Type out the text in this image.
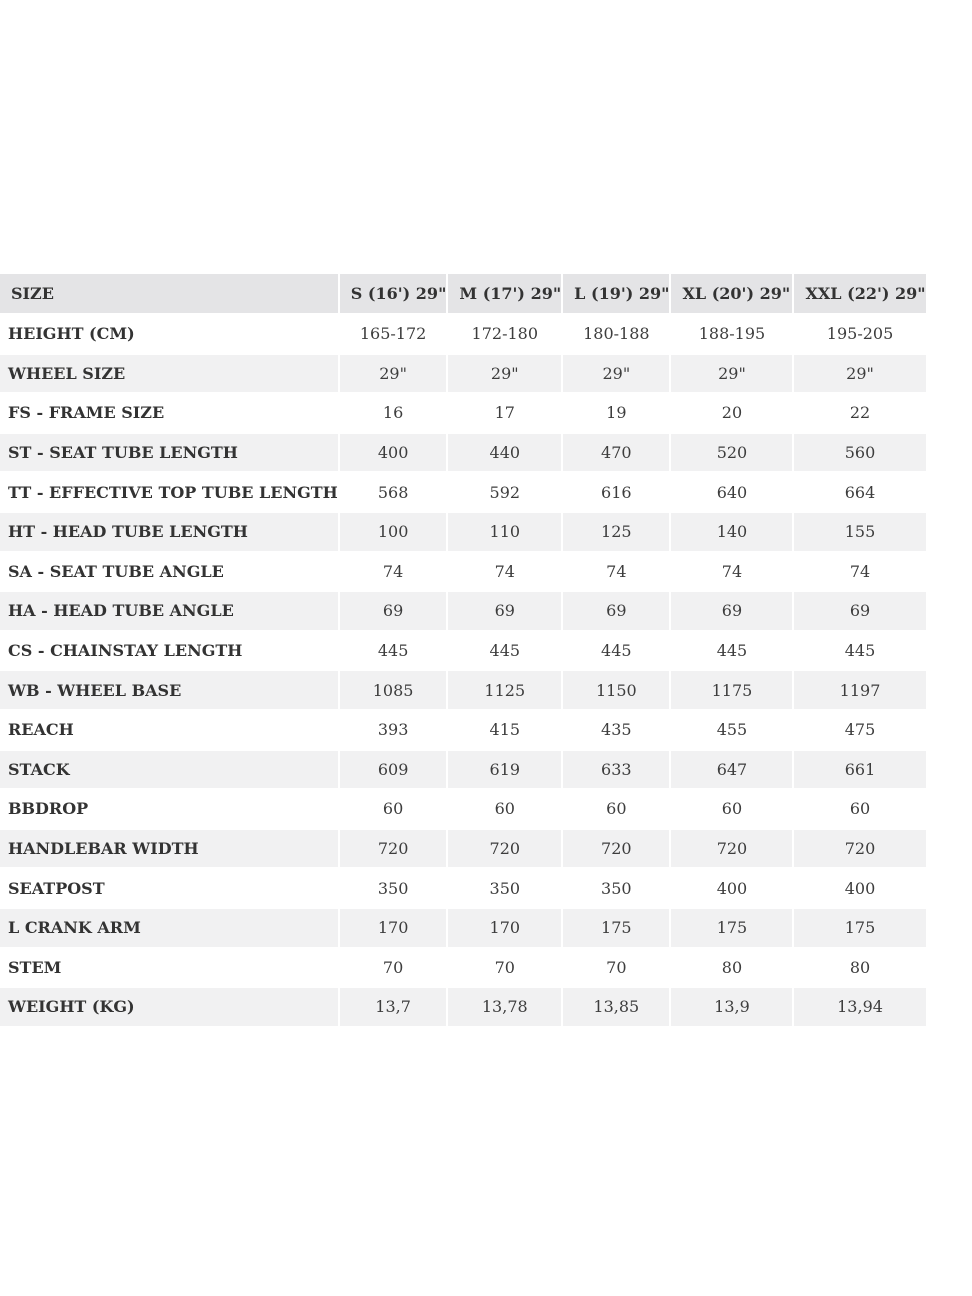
SIZE	S (16') 29"	M (17') 29"	L (19') 29"	XL (20') 29"	XXL (22') 29"
HEIGHT (CM)	165-172	172-180	180-188	188-195	195-205
WHEEL SIZE	29"	29"	29"	29"	29"
FS - FRAME SIZE	16	17	19	20	22
ST - SEAT TUBE LENGTH	400	440	470	520	560
TT - EFFECTIVE TOP TUBE LENGTH	568	592	616	640	664
HT - HEAD TUBE LENGTH	100	110	125	140	155
SA - SEAT TUBE ANGLE	74	74	74	74	74
HA - HEAD TUBE ANGLE	69	69	69	69	69
CS - CHAINSTAY LENGTH	445	445	445	445	445
WB - WHEEL BASE	1085	1125	1150	1175	1197
REACH	393	415	435	455	475
STACK	609	619	633	647	661
BBDROP	60	60	60	60	60
HANDLEBAR WIDTH	720	720	720	720	720
SEATPOST	350	350	350	400	400
L CRANK ARM	170	170	175	175	175
STEM	70	70	70	80	80
WEIGHT (KG)	13,7	13,78	13,85	13,9	13,94
